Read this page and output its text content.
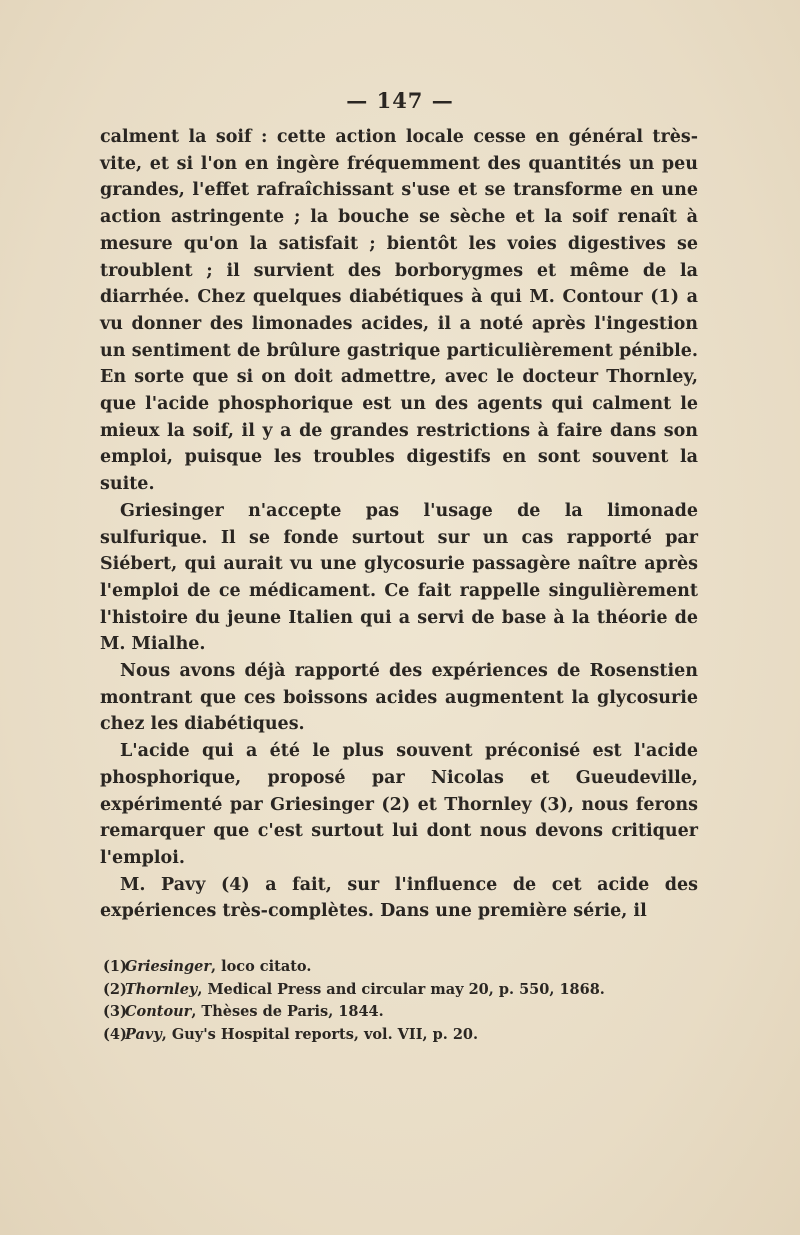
— 147 —

calment la soif : cette action locale cesse en général très-vite, et si l'on en ingère fréquemment des quantités un peu grandes, l'effet rafraîchissant s'use et se transforme en une action astringente ; la bouche se sèche et la soif renaît à mesure qu'on la satisfait ; bientôt les voies digestives se troublent ; il survient des borborygmes et même de la diarrhée. Chez quelques diabétiques à qui M. Contour (1) a vu donner des limonades acides, il a noté après l'ingestion un sentiment de brûlure gastrique particulièrement pénible. En sorte que si on doit admettre, avec le docteur Thornley, que l'acide phosphorique est un des agents qui calment le mieux la soif, il y a de grandes restrictions à faire dans son emploi, puisque les troubles digestifs en sont souvent la suite.

Griesinger n'accepte pas l'usage de la limonade sulfurique. Il se fonde surtout sur un cas rapporté par Siébert, qui aurait vu une glycosurie passagère naître après l'emploi de ce médicament. Ce fait rappelle singulièrement l'histoire du jeune Italien qui a servi de base à la théorie de M. Mialhe.

Nous avons déjà rapporté des expériences de Rosenstien montrant que ces boissons acides augmentent la glycosurie chez les diabétiques.

L'acide qui a été le plus souvent préconisé est l'acide phosphorique, proposé par Nicolas et Gueudeville, expérimenté par Griesinger (2) et Thornley (3), nous ferons remarquer que c'est surtout lui dont nous devons critiquer l'emploi.

M. Pavy (4) a fait, sur l'influence de cet acide des expériences très-complètes. Dans une première série, il

(1)Griesinger, loco citato.
(2)Thornley, Medical Press and circular may 20, p. 550, 1868.
(3)Contour, Thèses de Paris, 1844.
(4)Pavy, Guy's Hospital reports, vol. VII, p. 20.
